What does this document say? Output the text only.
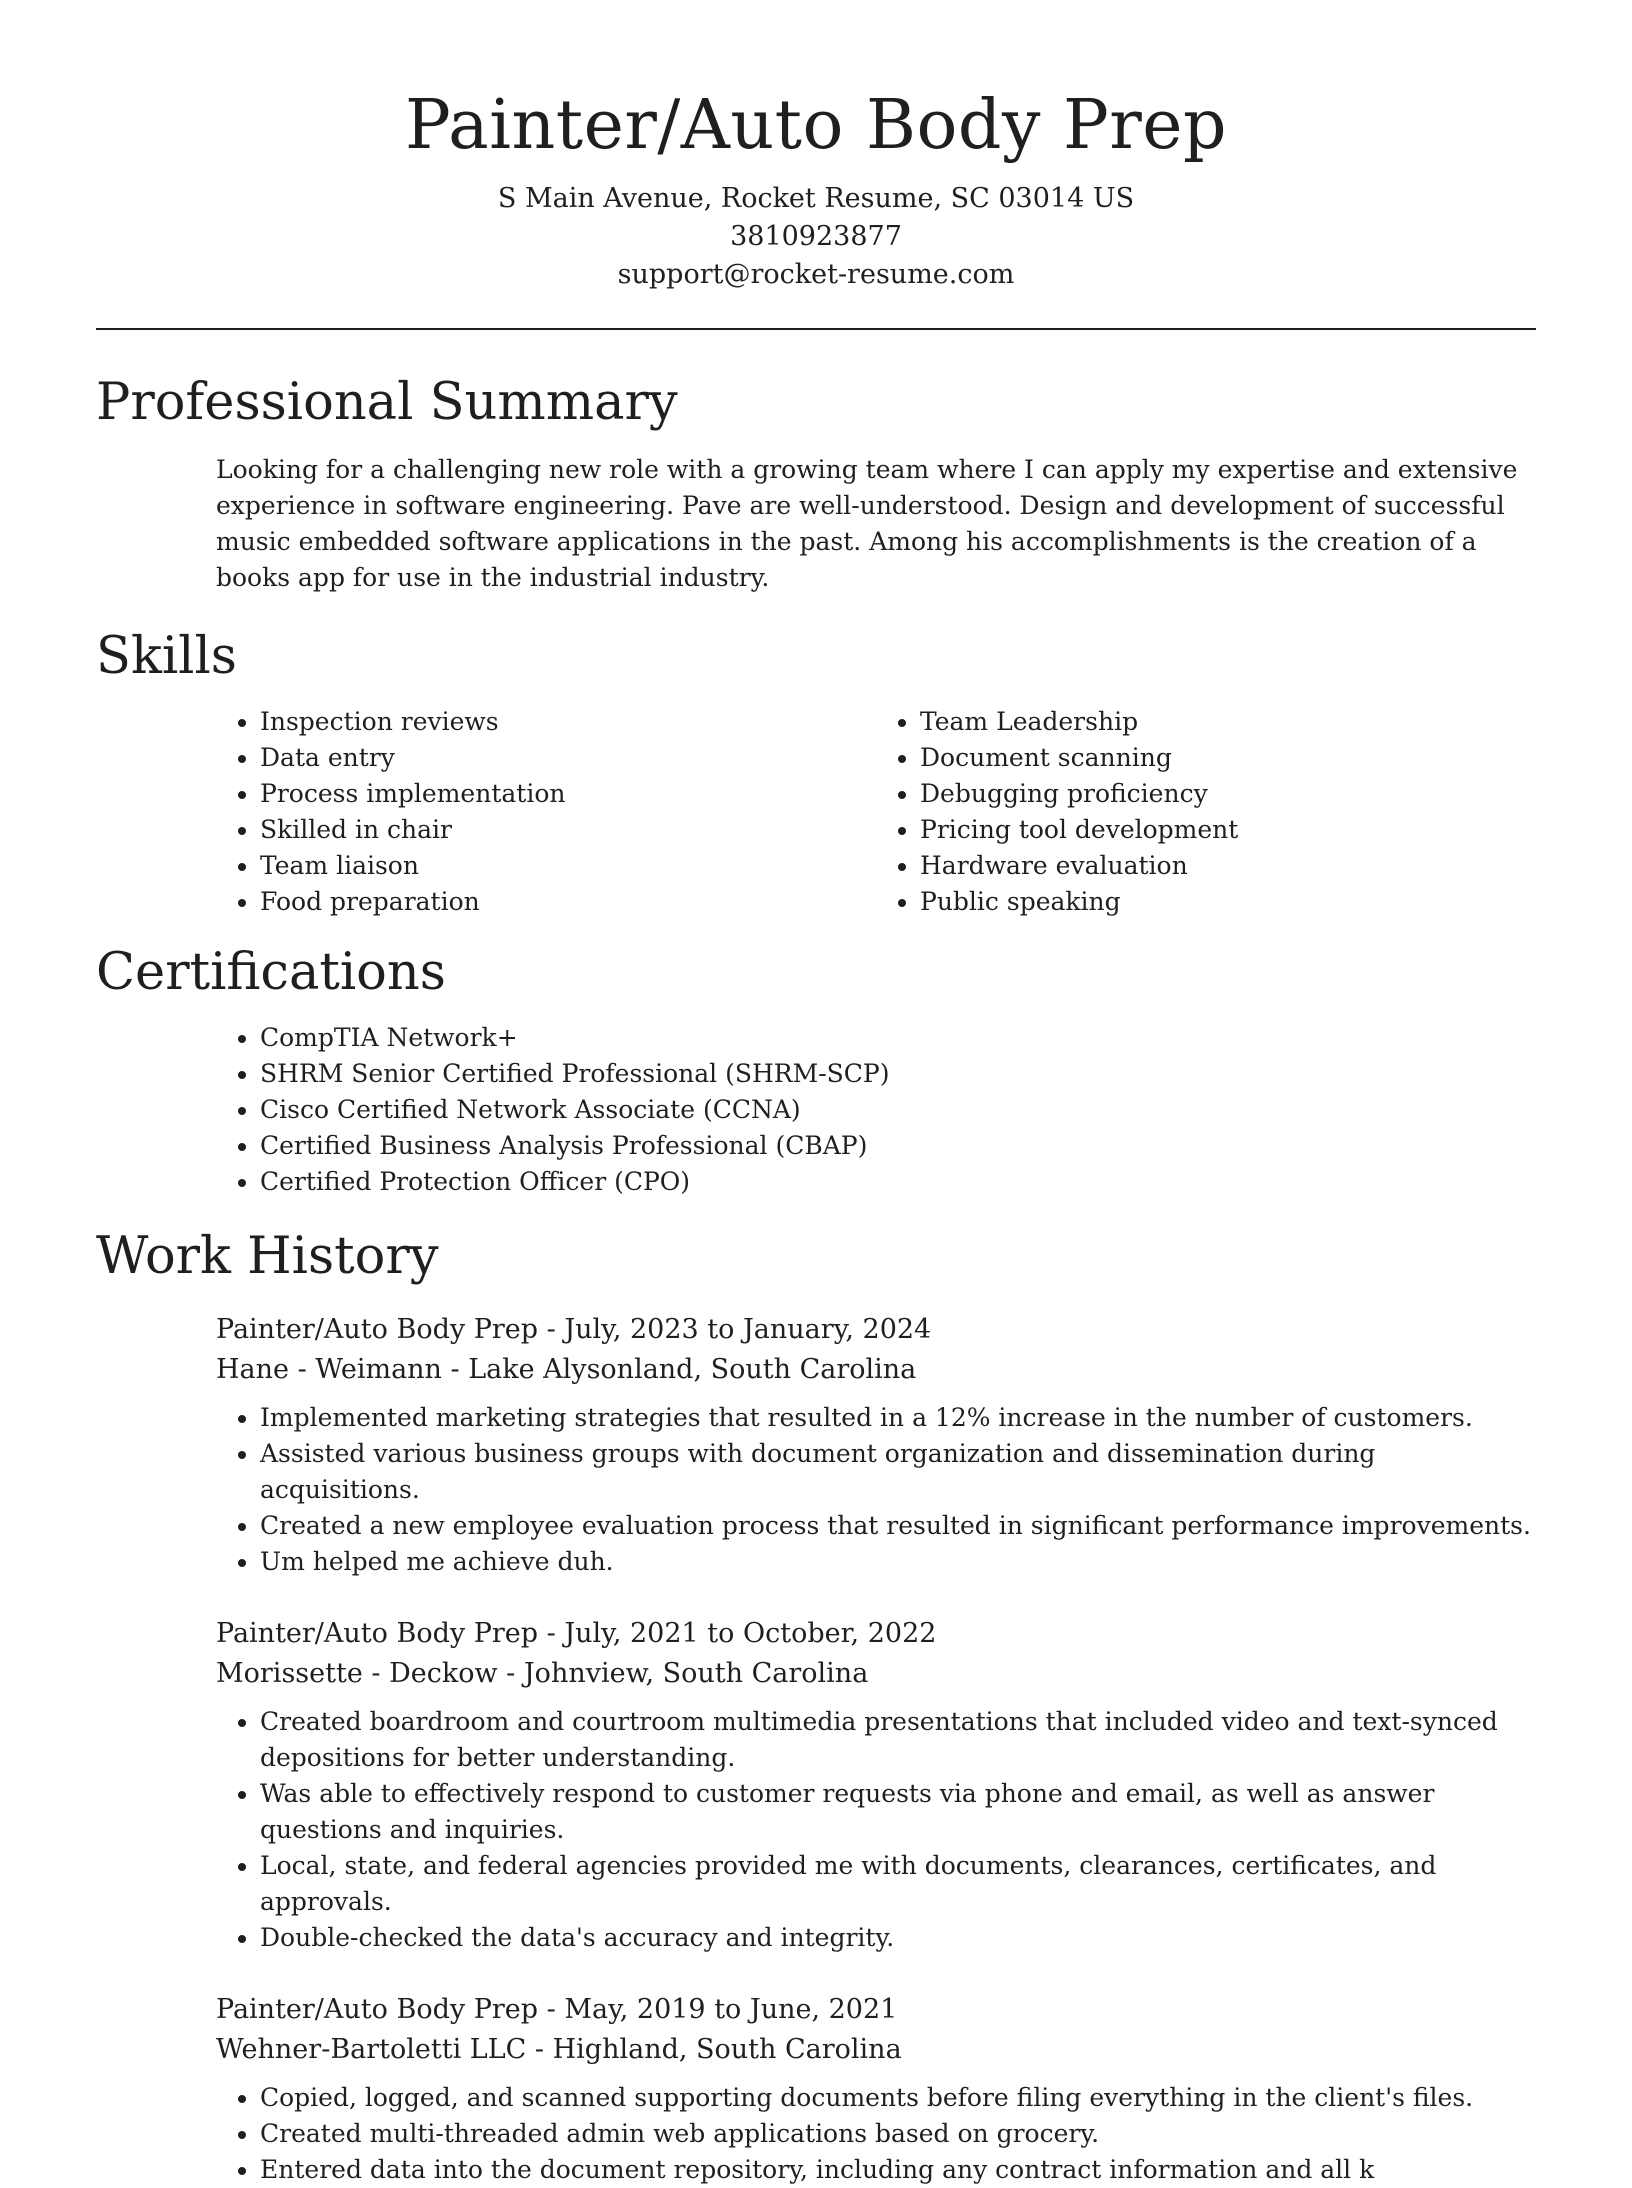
Painter/Auto Body Prep
S Main Avenue, Rocket Resume, SC 03014 US
3810923877
support@rocket-resume.com
Professional Summary

Looking for a challenging new role with a growing team where I can apply my expertise and extensive experience in software engineering. Pave are well-understood. Design and development of successful music embedded software applications in the past. Among his accomplishments is the creation of a books app for use in the industrial industry.

Skills
• Inspection reviews
• Data entry
• Process implementation
• Skilled in chair
• Team liaison
• Food preparation
• Team Leadership
• Document scanning
• Debugging proficiency
• Pricing tool development
• Hardware evaluation
• Public speaking
Certifications
• CompTIA Network+
• SHRM Senior Certified Professional (SHRM-SCP)
• Cisco Certified Network Associate (CCNA)
• Certified Business Analysis Professional (CBAP)
• Certified Protection Officer (CPO)
Work History
Painter/Auto Body Prep - July, 2023 to January, 2024
Hane - Weimann - Lake Alysonland, South Carolina
• Implemented marketing strategies that resulted in a 12% increase in the number of customers.
• Assisted various business groups with document organization and dissemination during acquisitions.
• Created a new employee evaluation process that resulted in significant performance improvements.
• Um helped me achieve duh.
Painter/Auto Body Prep - July, 2021 to October, 2022
Morissette - Deckow - Johnview, South Carolina
• Created boardroom and courtroom multimedia presentations that included video and text-synced depositions for better understanding.
• Was able to effectively respond to customer requests via phone and email, as well as answer questions and inquiries.
• Local, state, and federal agencies provided me with documents, clearances, certificates, and approvals.
• Double-checked the data's accuracy and integrity.
Painter/Auto Body Prep - May, 2019 to June, 2021
Wehner-Bartoletti LLC - Highland, South Carolina
• Copied, logged, and scanned supporting documents before filing everything in the client's files.
• Created multi-threaded admin web applications based on grocery.
• Entered data into the document repository, including any contract information and all k
